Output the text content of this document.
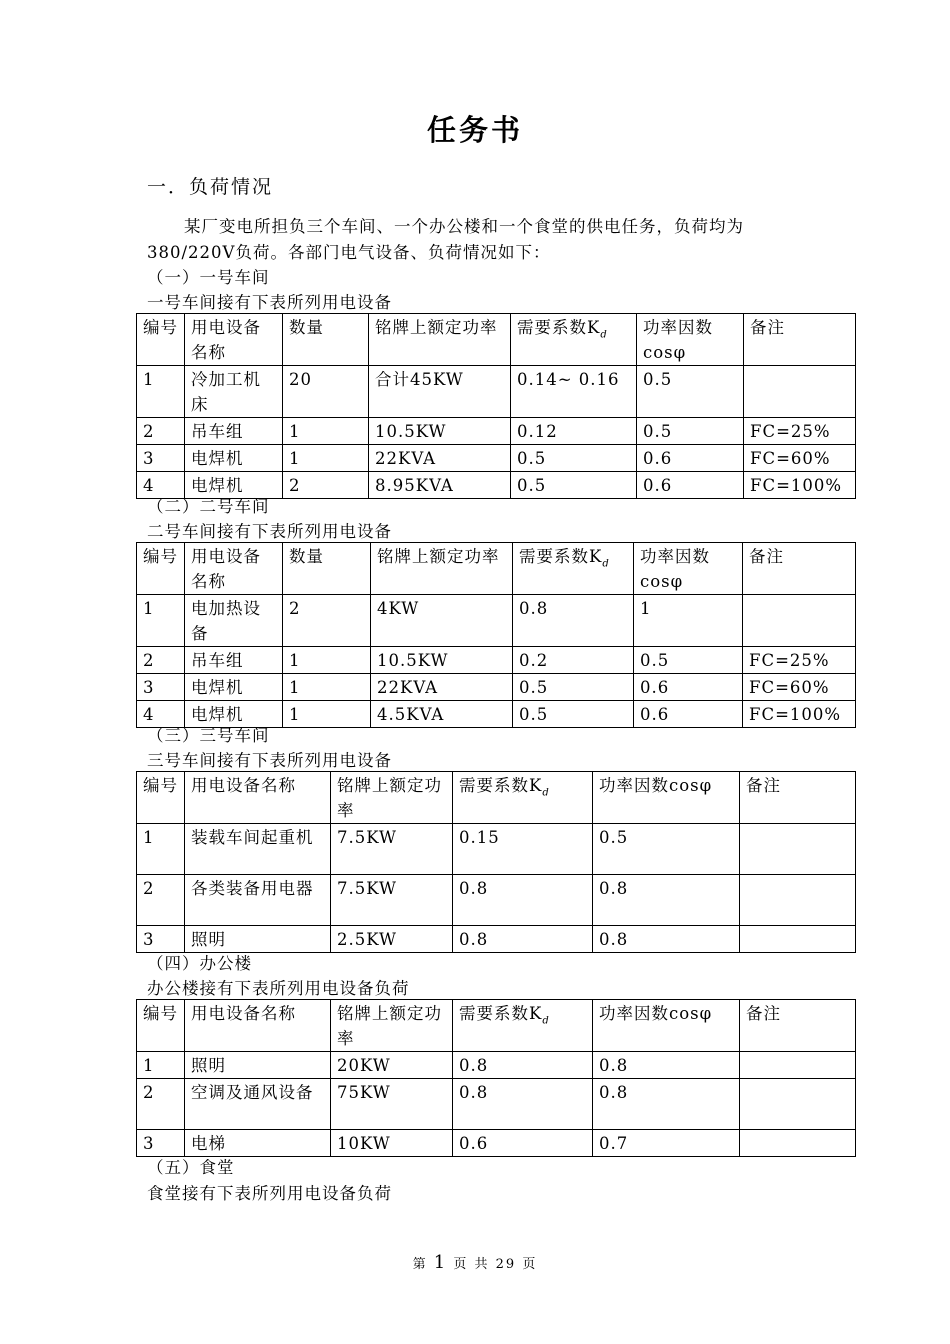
任务书
一．负荷情况
某厂变电所担负三个车间、一个办公楼和一个食堂的供电任务，负荷均为
380/220V负荷。各部门电气设备、负荷情况如下：
（一）一号车间
一号车间接有下表所列用电设备
编号	用电设备名称	数量	铭牌上额定功率	需要系数$K_d$	功率因数cosφ	备注
1	冷加工机床	20	合计45KW	0.14~ 0.16	0.5	
2	吊车组	1	10.5KW	0.12	0.5	FC=25%
3	电焊机	1	22KVA	0.5	0.6	FC=60%
4	电焊机	2	8.95KVA	0.5	0.6	FC=100%
（二）二号车间
二号车间接有下表所列用电设备
编号	用电设备名称	数量	铭牌上额定功率	需要系数$K_d$	功率因数cosφ	备注
1	电加热设备	2	4KW	0.8	1	
2	吊车组	1	10.5KW	0.2	0.5	FC=25%
3	电焊机	1	22KVA	0.5	0.6	FC=60%
4	电焊机	1	4.5KVA	0.5	0.6	FC=100%
（三）三号车间
三号车间接有下表所列用电设备
编号	用电设备名称	铭牌上额定功率	需要系数$K_d$	功率因数cosφ	备注
1	装载车间起重机	7.5KW	0.15	0.5	
2	各类装备用电器	7.5KW	0.8	0.8	
3	照明	2.5KW	0.8	0.8	
（四）办公楼
办公楼接有下表所列用电设备负荷
编号	用电设备名称	铭牌上额定功率	需要系数$K_d$	功率因数cosφ	备注
1	照明	20KW	0.8	0.8	
2	空调及通风设备	75KW	0.8	0.8	
3	电梯	10KW	0.6	0.7	
（五）食堂
食堂接有下表所列用电设备负荷
第 1 页 共 29 页
